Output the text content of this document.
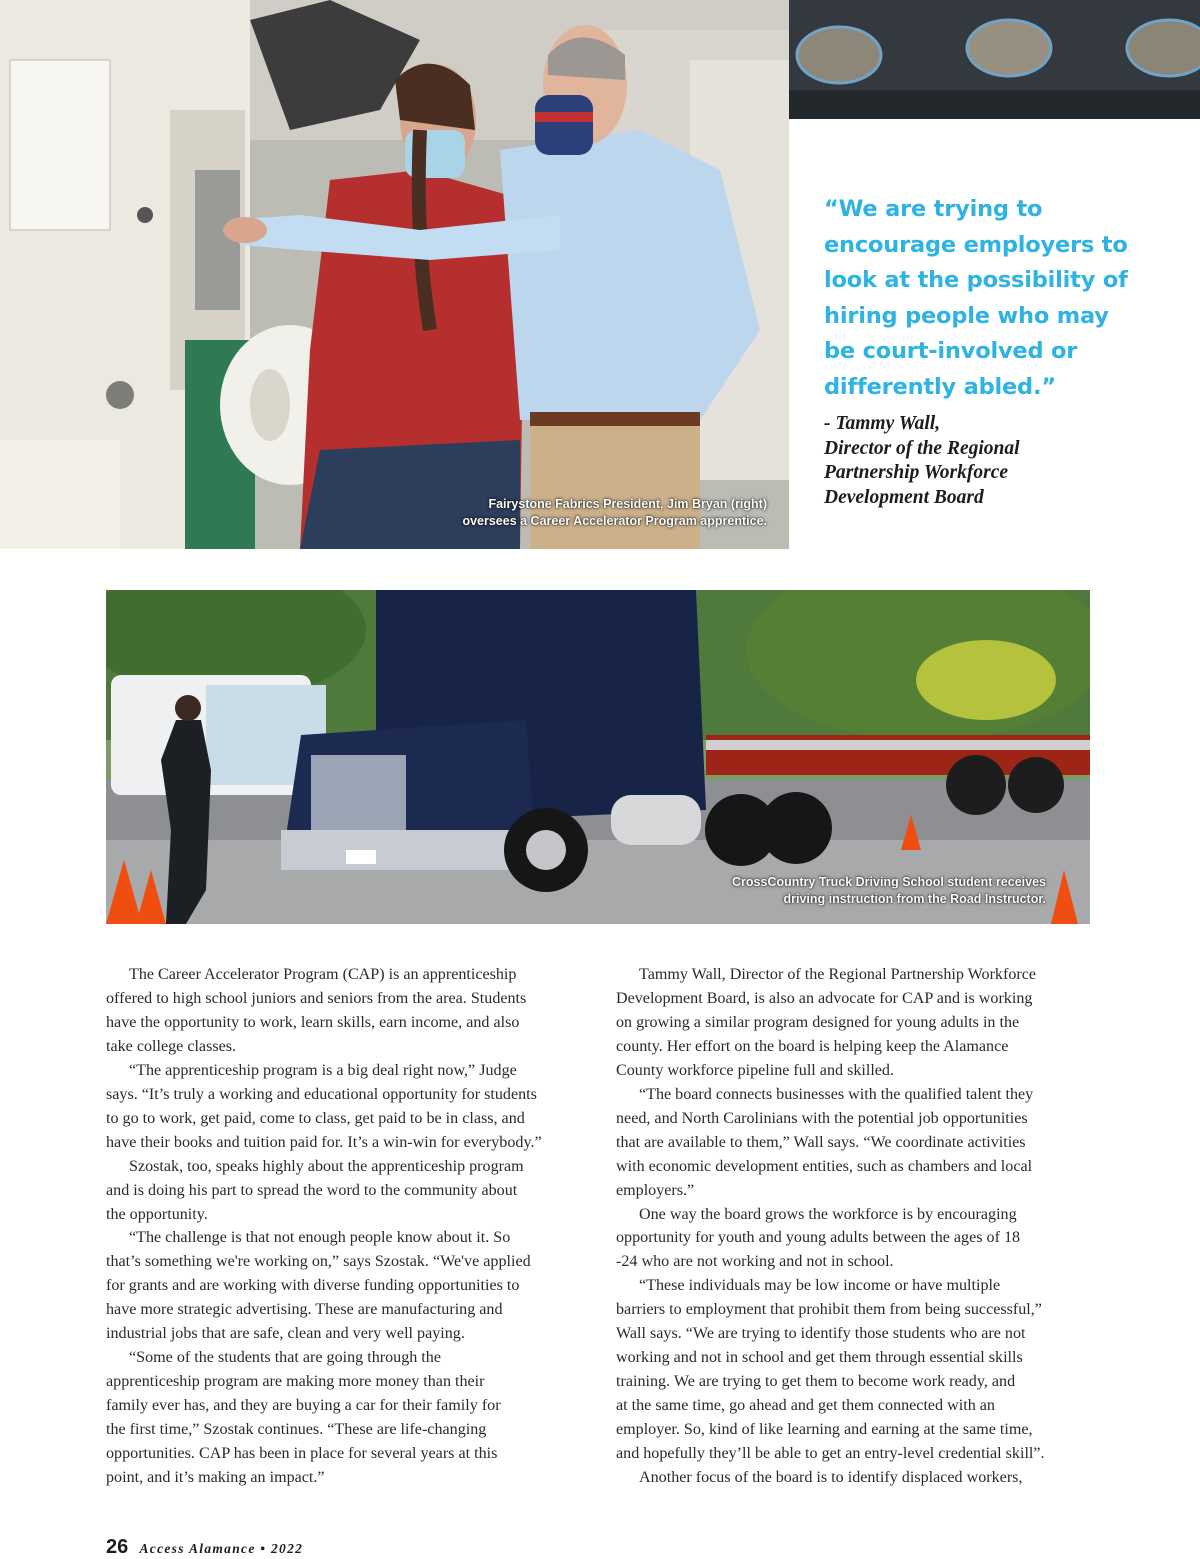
Fairystone Fabrics President, Jim Bryan (right)
oversees a Career Accelerator Program apprentice.
“We are trying to
encourage employers to
look at the possibility of
hiring people who may
be court-involved or
differently abled.”
- Tammy Wall,
Director of the Regional
Partnership Workforce
Development Board
CrossCountry Truck Driving School student receives
driving instruction from the Road Instructor.
The Career Accelerator Program (CAP) is an apprenticeship
offered to high school juniors and seniors from the area. Students
have the opportunity to work, learn skills, earn income, and also
take college classes.
“The apprenticeship program is a big deal right now,” Judge
says. “It’s truly a working and educational opportunity for students
to go to work, get paid, come to class, get paid to be in class, and
have their books and tuition paid for. It’s a win-win for everybody.”
Szostak, too, speaks highly about the apprenticeship program
and is doing his part to spread the word to the community about
the opportunity.
“The challenge is that not enough people know about it. So
that’s something we're working on,” says Szostak. “We've applied
for grants and are working with diverse funding opportunities to
have more strategic advertising. These are manufacturing and
industrial jobs that are safe, clean and very well paying.
“Some of the students that are going through the
apprenticeship program are making more money than their
family ever has, and they are buying a car for their family for
the first time,” Szostak continues. “These are life-changing
opportunities. CAP has been in place for several years at this
point, and it’s making an impact.”
Tammy Wall, Director of the Regional Partnership Workforce
Development Board, is also an advocate for CAP and is working
on growing a similar program designed for young adults in the
county. Her effort on the board is helping keep the Alamance
County workforce pipeline full and skilled.
“The board connects businesses with the qualified talent they
need, and North Carolinians with the potential job opportunities
that are available to them,” Wall says. “We coordinate activities
with economic development entities, such as chambers and local
employers.”
One way the board grows the workforce is by encouraging
opportunity for youth and young adults between the ages of 18
-24 who are not working and not in school.
“These individuals may be low income or have multiple
barriers to employment that prohibit them from being successful,”
Wall says. “We are trying to identify those students who are not
working and not in school and get them through essential skills
training. We are trying to get them to become work ready, and
at the same time, go ahead and get them connected with an
employer. So, kind of like learning and earning at the same time,
and hopefully they’ll be able to get an entry-level credential skill”.
Another focus of the board is to identify displaced workers,
26 Access Alamance • 2022
